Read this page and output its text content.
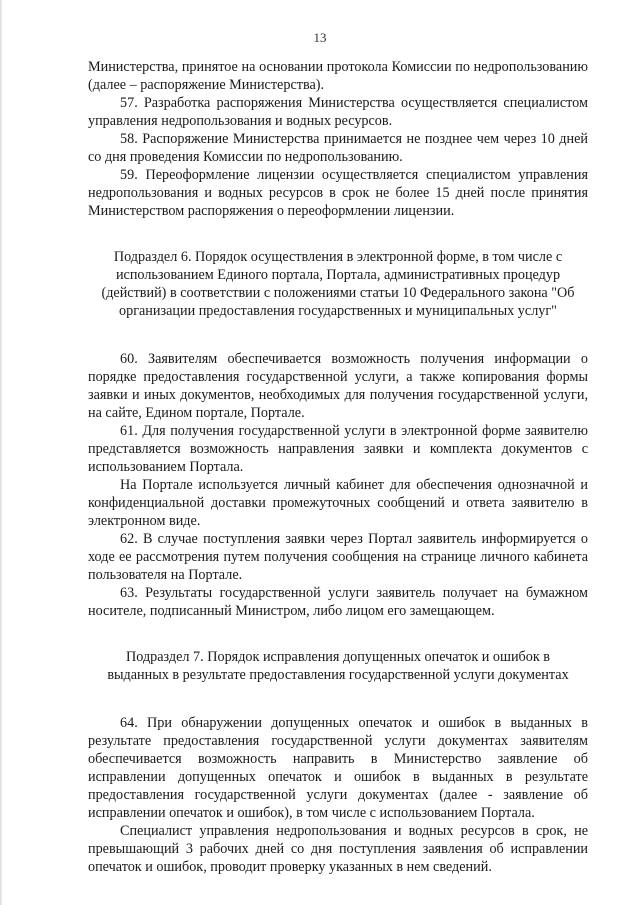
13

Министерства, принятое на основании протокола Комиссии по недропользованию (далее – распоряжение Министерства).

57. Разработка распоряжения Министерства осуществляется специалистом управления недропользования и водных ресурсов.

58. Распоряжение Министерства принимается не позднее чем через 10 дней со дня проведения Комиссии по недропользованию.

59. Переоформление лицензии осуществляется специалистом управления недропользования и водных ресурсов в срок не более 15 дней после принятия Министерством распоряжения о переоформлении лицензии.

Подраздел 6. Порядок осуществления в электронной форме, в том числе с использованием Единого портала, Портала, административных процедур (действий) в соответствии с положениями статьи 10 Федерального закона "Об организации предоставления государственных и муниципальных услуг"

60. Заявителям обеспечивается возможность получения информации о порядке предоставления государственной услуги, а также копирования формы заявки и иных документов, необходимых для получения государственной услуги, на сайте, Едином портале, Портале.

61. Для получения государственной услуги в электронной форме заявителю представляется возможность направления заявки и комплекта документов с использованием Портала.

На Портале используется личный кабинет для обеспечения однозначной и конфиденциальной доставки промежуточных сообщений и ответа заявителю в электронном виде.

62. В случае поступления заявки через Портал заявитель информируется о ходе ее рассмотрения путем получения сообщения на странице личного кабинета пользователя на Портале.

63. Результаты государственной услуги заявитель получает на бумажном носителе, подписанный Министром, либо лицом его замещающем.

Подраздел 7. Порядок исправления допущенных опечаток и ошибок в выданных в результате предоставления государственной услуги документах

64. При обнаружении допущенных опечаток и ошибок в выданных в результате предоставления государственной услуги документах заявителям обеспечивается возможность направить в Министерство заявление об исправлении допущенных опечаток и ошибок в выданных в результате предоставления государственной услуги документах (далее - заявление об исправлении опечаток и ошибок), в том числе с использованием Портала.

Специалист управления недропользования и водных ресурсов в срок, не превышающий 3 рабочих дней со дня поступления заявления об исправлении опечаток и ошибок, проводит проверку указанных в нем сведений.
